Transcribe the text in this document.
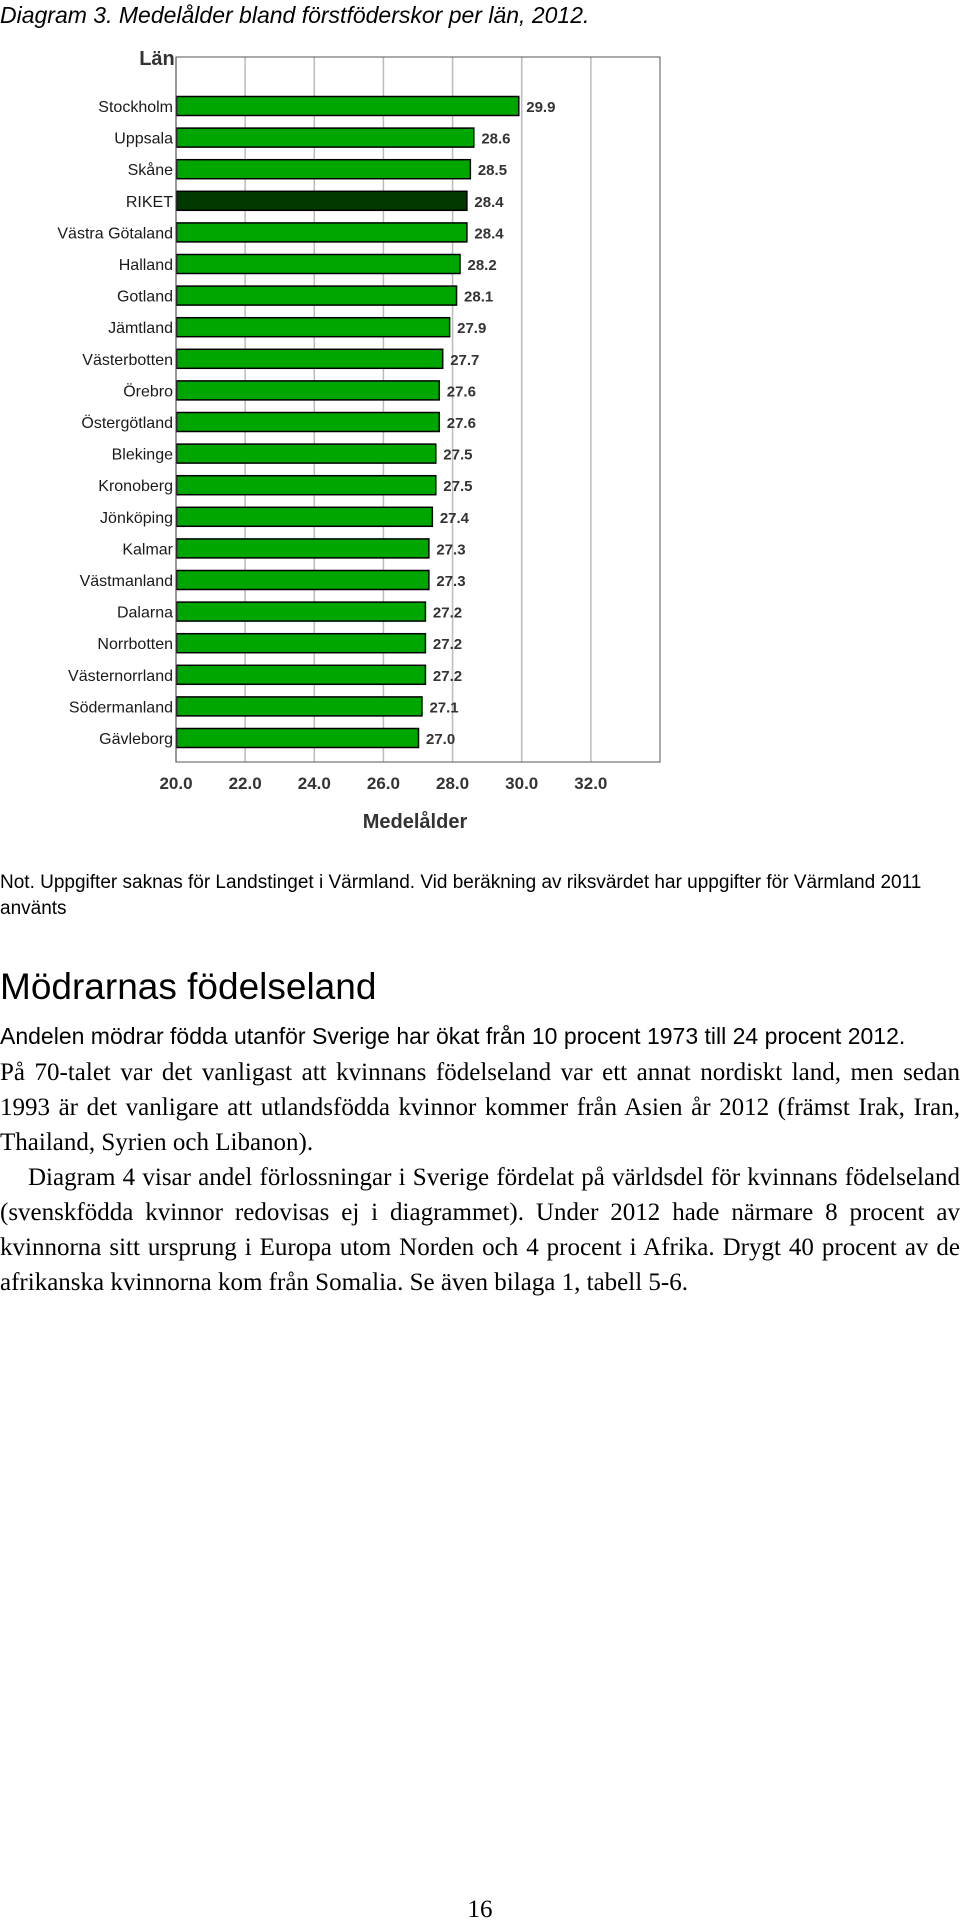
Diagram 3. Medelålder bland förstföderskor per län, 2012.
Län
Medelålder
Stockholm
Uppsala
Skåne
RIKET
Västra Götaland
Halland
Gotland
Jämtland
Västerbotten
Örebro
Östergötland
Blekinge
Kronoberg
Jönköping
Kalmar
Västmanland
Dalarna
Norrbotten
Västernorrland
Södermanland
Gävleborg
29.9
28.6
28.5
28.4
28.4
28.2
28.1
27.9
27.7
27.6
27.6
27.5
27.5
27.4
27.3
27.3
27.2
27.2
27.2
27.1
27.0
20.0 22.0 24.0 26.0 28.0 30.0 32.0
Not. Uppgifter saknas för Landstinget i Värmland. Vid beräkning av riksvärdet har uppgifter för Värmland 2011 använts
Mödrarnas födelseland
Andelen mödrar födda utanför Sverige har ökat från 10 procent 1973 till 24 procent 2012.

På 70-talet var det vanligast att kvinnans födelseland var ett annat nordiskt land, men sedan 1993 är det vanligare att utlandsfödda kvinnor kommer från Asien år 2012 (främst Irak, Iran, Thailand, Syrien och Libanon).

Diagram 4 visar andel förlossningar i Sverige fördelat på världsdel för kvinnans födelseland (svenskfödda kvinnor redovisas ej i diagrammet). Under 2012 hade närmare 8 procent av kvinnorna sitt ursprung i Europa utom Norden och 4 procent i Afrika. Drygt 40 procent av de afrikanska kvinnorna kom från Somalia. Se även bilaga 1, tabell 5-6.

16
